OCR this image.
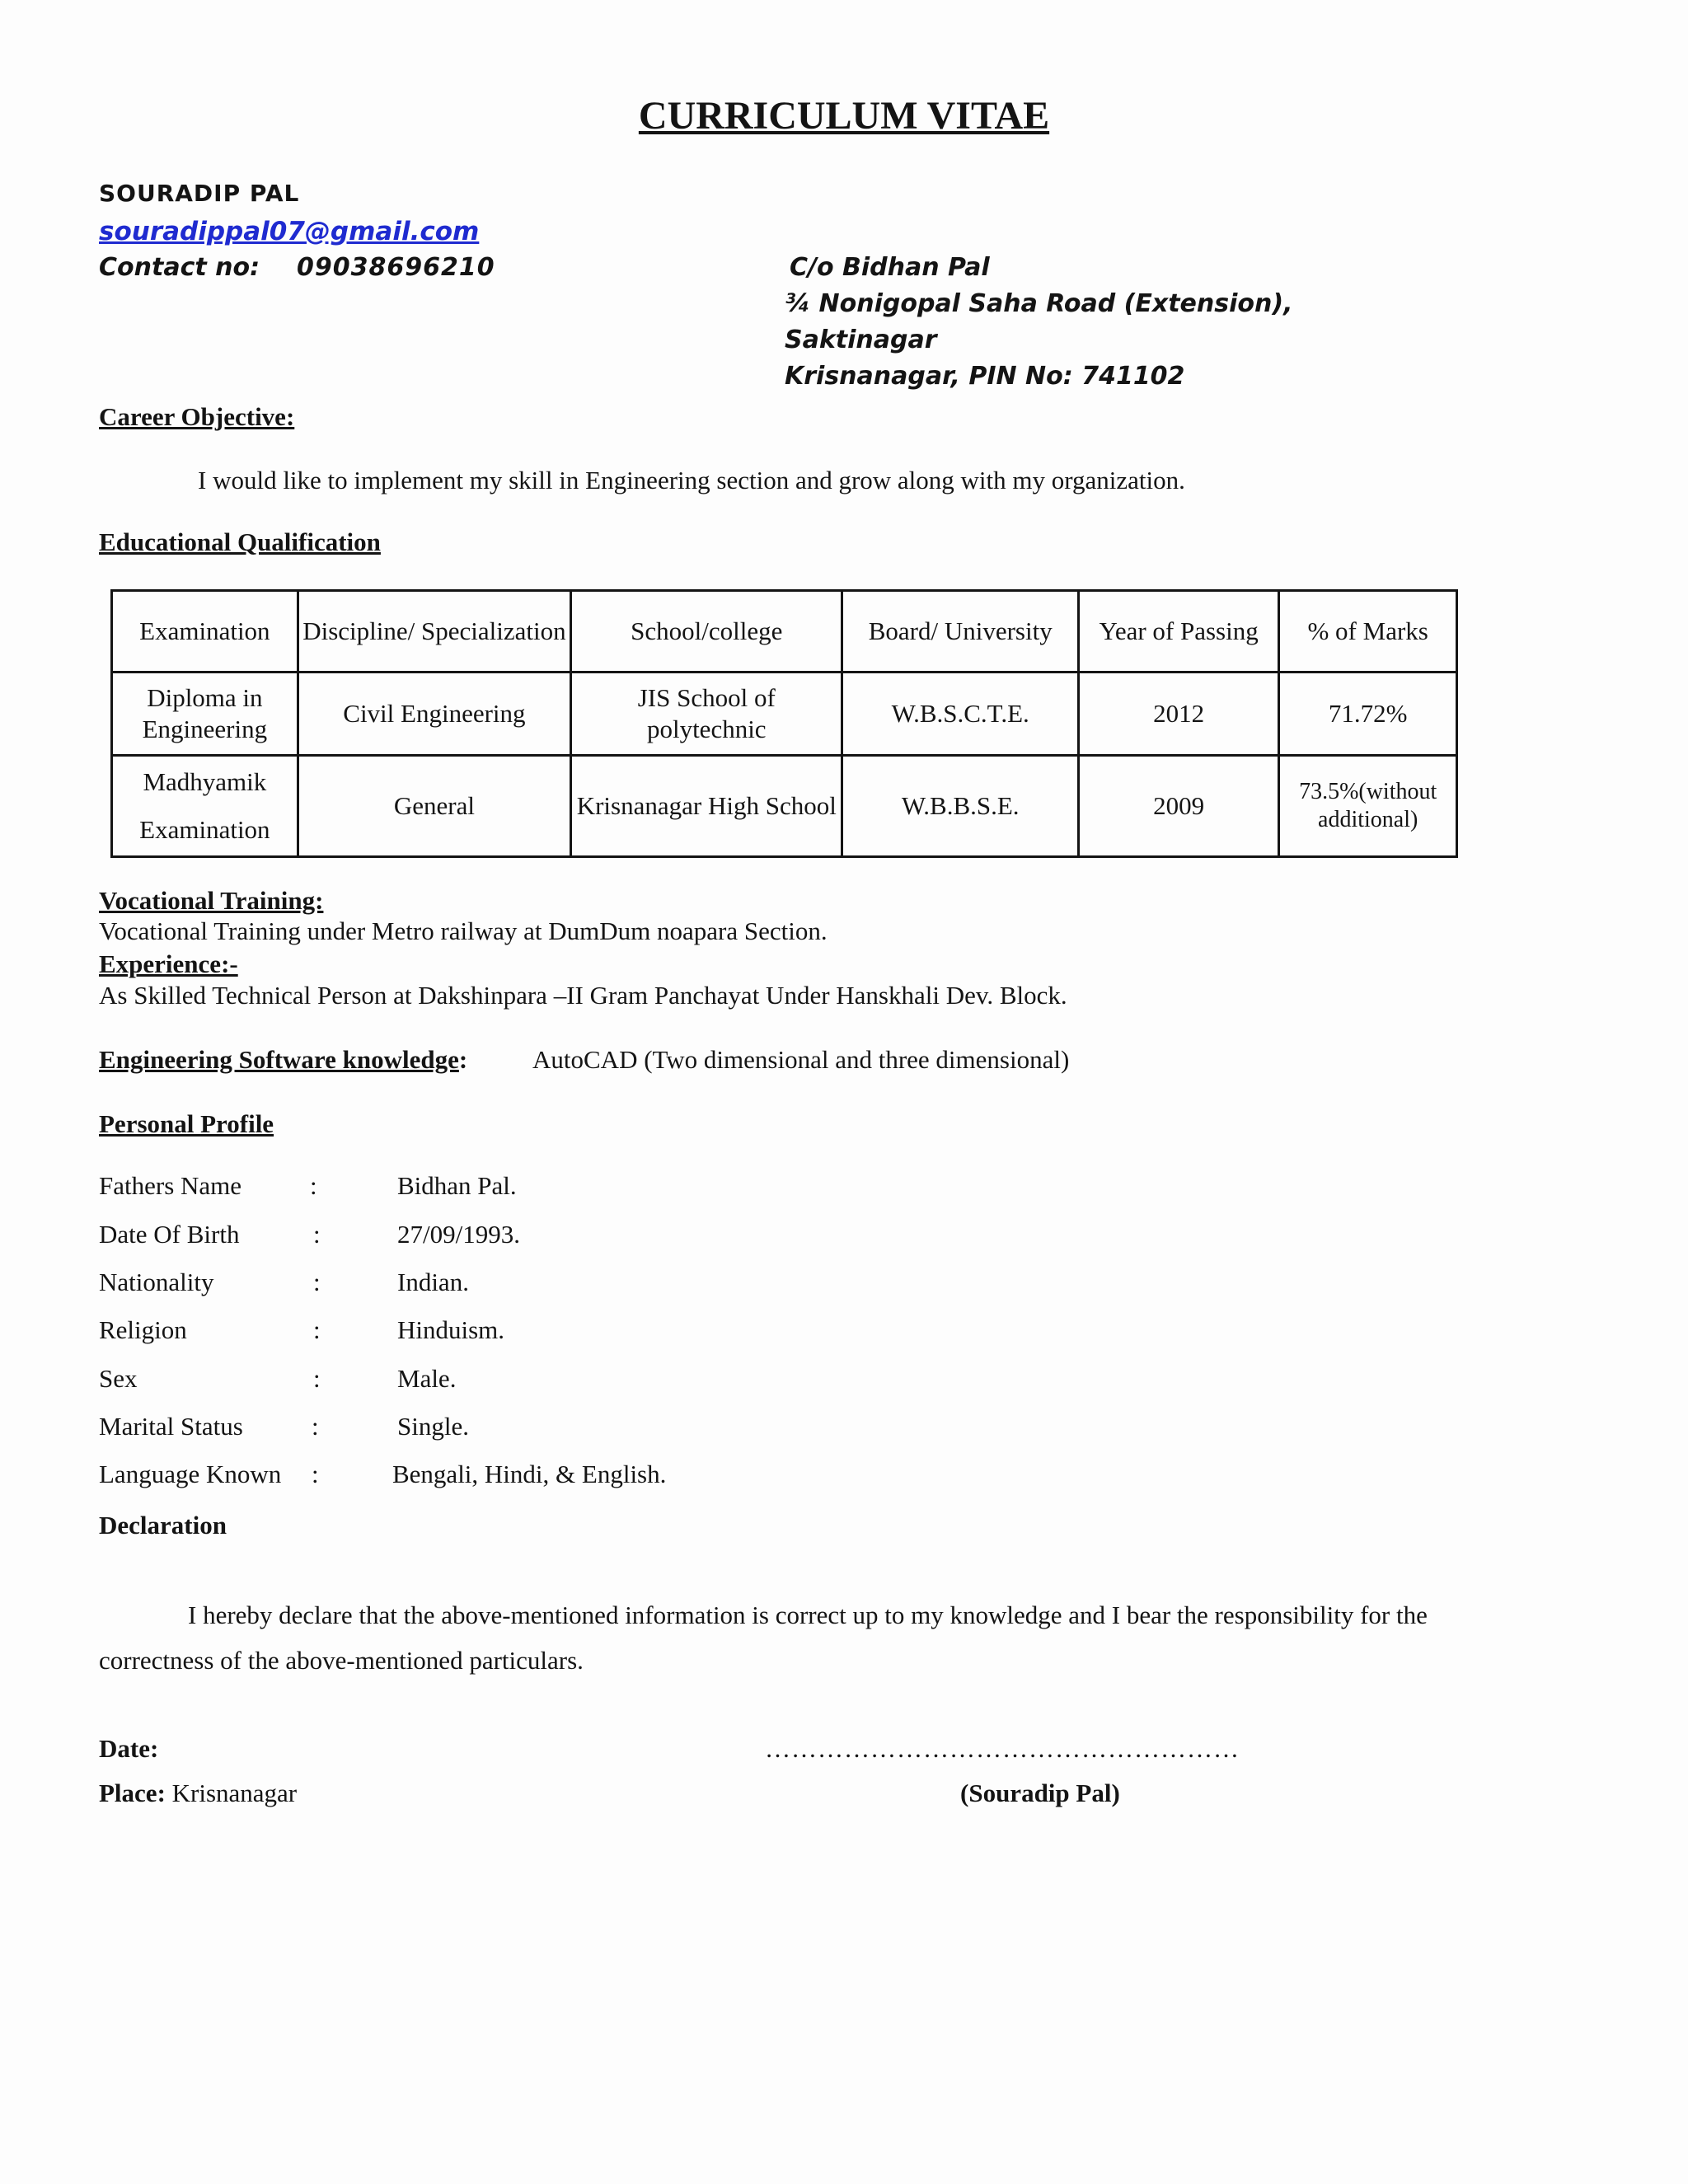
CURRICULUM VITAE
SOURADIP PAL
souradippal07@gmail.com
Contact no: 09038696210	C/o Bidhan Pal
¾ Nonigopal Saha Road (Extension),
Saktinagar
Krisnanagar, PIN No: 741102
Career Objective:
I would like to implement my skill in Engineering section and grow along with my organization.
Educational Qualification
Examination	Discipline/ Specialization	School/college	Board/ University	Year of Passing	% of Marks
Diploma in Engineering	Civil Engineering	JIS School of polytechnic	W.B.S.C.T.E.	2012	71.72%
Madhyamik Examination	General	Krisnanagar High School	W.B.B.S.E.	2009	73.5%(without additional)
Vocational Training:
Vocational Training under Metro railway at DumDum noapara Section.
Experience:-
As Skilled Technical Person at Dakshinpara –II Gram Panchayat Under Hanskhali Dev. Block.
Engineering Software knowledge:	AutoCAD (Two dimensional and three dimensional)
Personal Profile
Fathers Name	:	Bidhan Pal.
Date Of Birth	:	27/09/1993.
Nationality	:	Indian.
Religion	:	Hinduism.
Sex	:	Male.
Marital Status	:	Single.
Language Known :	Bengali, Hindi, & English.
Declaration
I hereby declare that the above-mentioned information is correct up to my knowledge and I bear the responsibility for the
correctness of the above-mentioned particulars.
Date:	………………………………………………
Place: Krisnanagar	(Souradip Pal)
